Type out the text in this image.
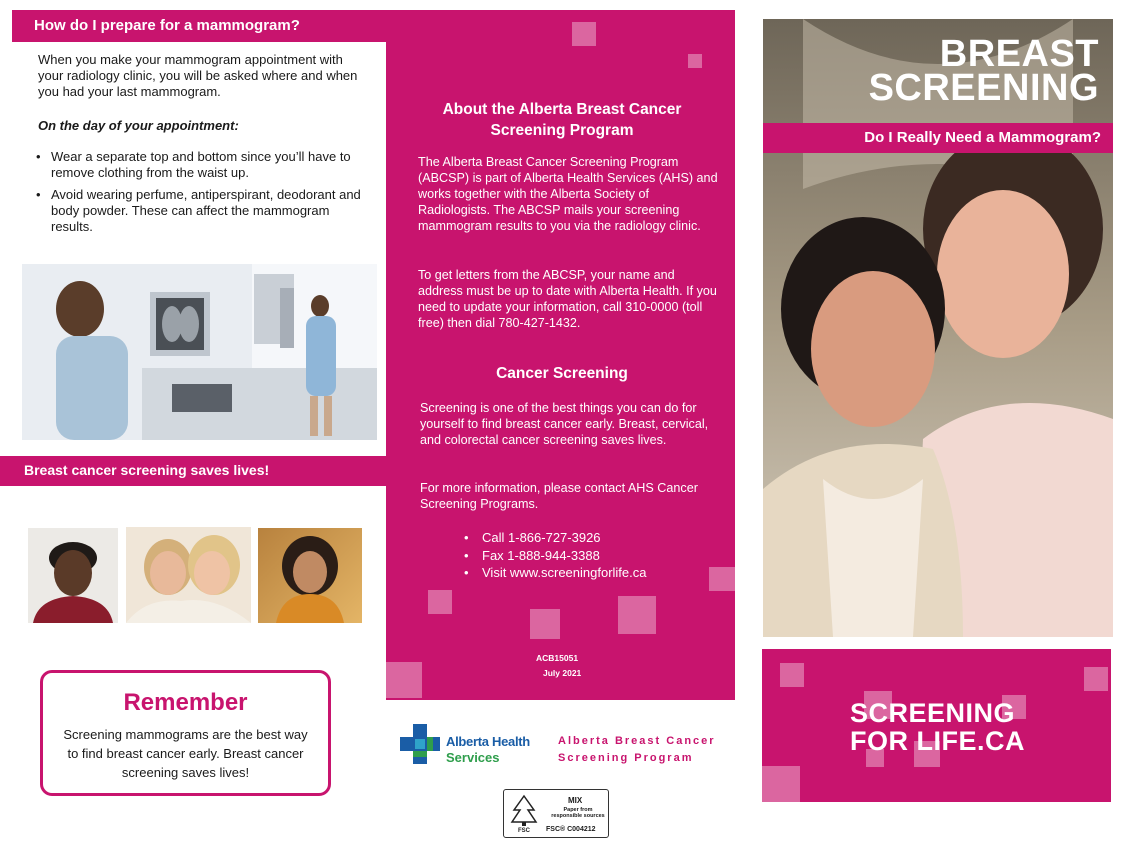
How do I prepare for a mammogram?

When you make your mammogram appointment with your radiology clinic, you will be asked where and when you had your last mammogram.

On the day of your appointment:

• Wear a separate top and bottom since you’ll have to remove clothing from the waist up.
• Avoid wearing perfume, antiperspirant, deodorant and body powder. These can affect the mammogram results.
Breast cancer screening saves lives!
Remember
Screening mammograms are the best way to find breast cancer early. Breast cancer screening saves lives!
About the Alberta Breast Cancer Screening Program

The Alberta Breast Cancer Screening Program (ABCSP) is part of Alberta Health Services (AHS) and works together with the Alberta Society of Radiologists. The ABCSP mails your screening mammogram results to you via the radiology clinic.

To get letters from the ABCSP, your name and address must be up to date with Alberta Health. If you need to update your information, call 310-0000 (toll free) then dial 780-427-1432.

Cancer Screening

Screening is one of the best things you can do for yourself to find breast cancer early. Breast, cervical, and colorectal cancer screening saves lives.

For more information, please contact AHS Cancer Screening Programs.

• Call 1-866-727-3926
• Fax 1-888-944-3388
• Visit www.screeningforlife.ca
ACB15051
July 2021
Alberta Health
Services
Alberta Breast Cancer
Screening Program
FSC
MIX
Paper from responsible sources
FSC® C004212
BREAST
SCREENING
Do I Really Need a Mammogram?
SCREENING
FOR LIFE.CA
